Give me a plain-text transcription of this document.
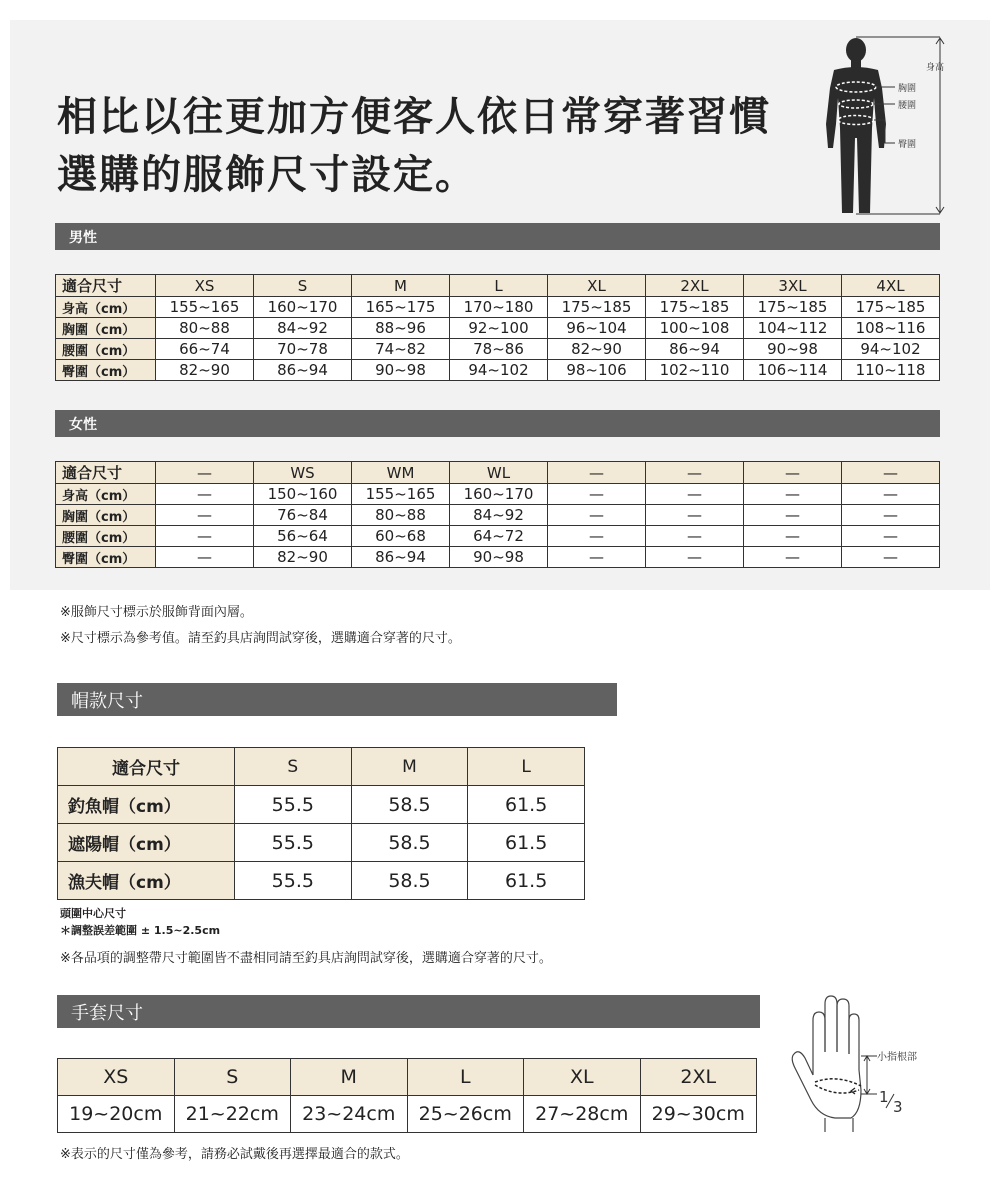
相比以往更加方便客人依日常穿著習慣
選購的服飾尺寸設定。
身高
胸圍
腰圍
臀圍
男性
適合尺寸	XS	S	M	L	XL	2XL	3XL	4XL
身高（cm）	155~165	160~170	165~175	170~180	175~185	175~185	175~185	175~185
胸圍（cm）	80~88	84~92	88~96	92~100	96~104	100~108	104~112	108~116
腰圍（cm）	66~74	70~78	74~82	78~86	82~90	86~94	90~98	94~102
臀圍（cm）	82~90	86~94	90~98	94~102	98~106	102~110	106~114	110~118
女性
適合尺寸	—	WS	WM	WL	—	—	—	—
身高（cm）	—	150~160	155~165	160~170	—	—	—	—
胸圍（cm）	—	76~84	80~88	84~92	—	—	—	—
腰圍（cm）	—	56~64	60~68	64~72	—	—	—	—
臀圍（cm）	—	82~90	86~94	90~98	—	—	—	—
※服飾尺寸標示於服飾背面內層。
※尺寸標示為參考值。請至釣具店詢問試穿後，選購適合穿著的尺寸。
帽款尺寸
適合尺寸	S	M	L
釣魚帽（cm）	55.5	58.5	61.5
遮陽帽（cm）	55.5	58.5	61.5
漁夫帽（cm）	55.5	58.5	61.5
頭圍中心尺寸
＊調整誤差範圍 ± 1.5~2.5cm
※各品項的調整帶尺寸範圍皆不盡相同請至釣具店詢問試穿後，選購適合穿著的尺寸。
手套尺寸
XS	S	M	L	XL	2XL
19~20cm	21~22cm	23~24cm	25~26cm	27~28cm	29~30cm
小指根部
1
3
※表示的尺寸僅為參考，請務必試戴後再選擇最適合的款式。
